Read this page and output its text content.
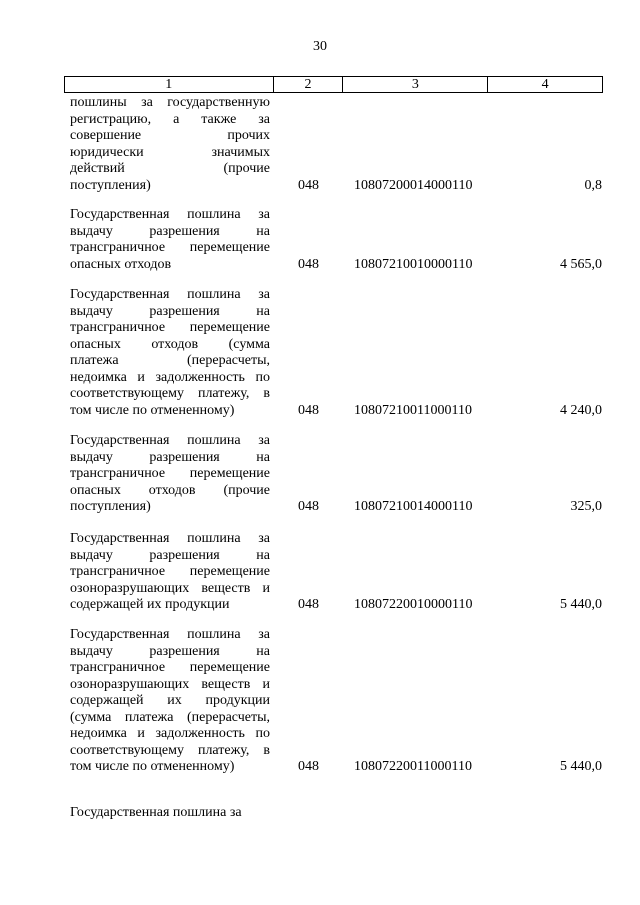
30
1	2	3	4
пошлины за государственную
регистрацию, а также за
совершение прочих
юридически значимых
действий (прочие
поступления)	048	10807200014000110	0,8
Государственная пошлина за
выдачу разрешения на
трансграничное перемещение
опасных отходов	048	10807210010000110	4 565,0
Государственная пошлина за
выдачу разрешения на
трансграничное перемещение
опасных отходов (сумма
платежа (перерасчеты,
недоимка и задолженность по
соответствующему платежу, в
том числе по отмененному)	048	10807210011000110	4 240,0
Государственная пошлина за
выдачу разрешения на
трансграничное перемещение
опасных отходов (прочие
поступления)	048	10807210014000110	325,0
Государственная пошлина за
выдачу разрешения на
трансграничное перемещение
озоноразрушающих веществ и
содержащей их продукции	048	10807220010000110	5 440,0
Государственная пошлина за
выдачу разрешения на
трансграничное перемещение
озоноразрушающих веществ и
содержащей их продукции
(сумма платежа (перерасчеты,
недоимка и задолженность по
соответствующему платежу, в
том числе по отмененному)	048	10807220011000110	5 440,0
Государственная пошлина за
